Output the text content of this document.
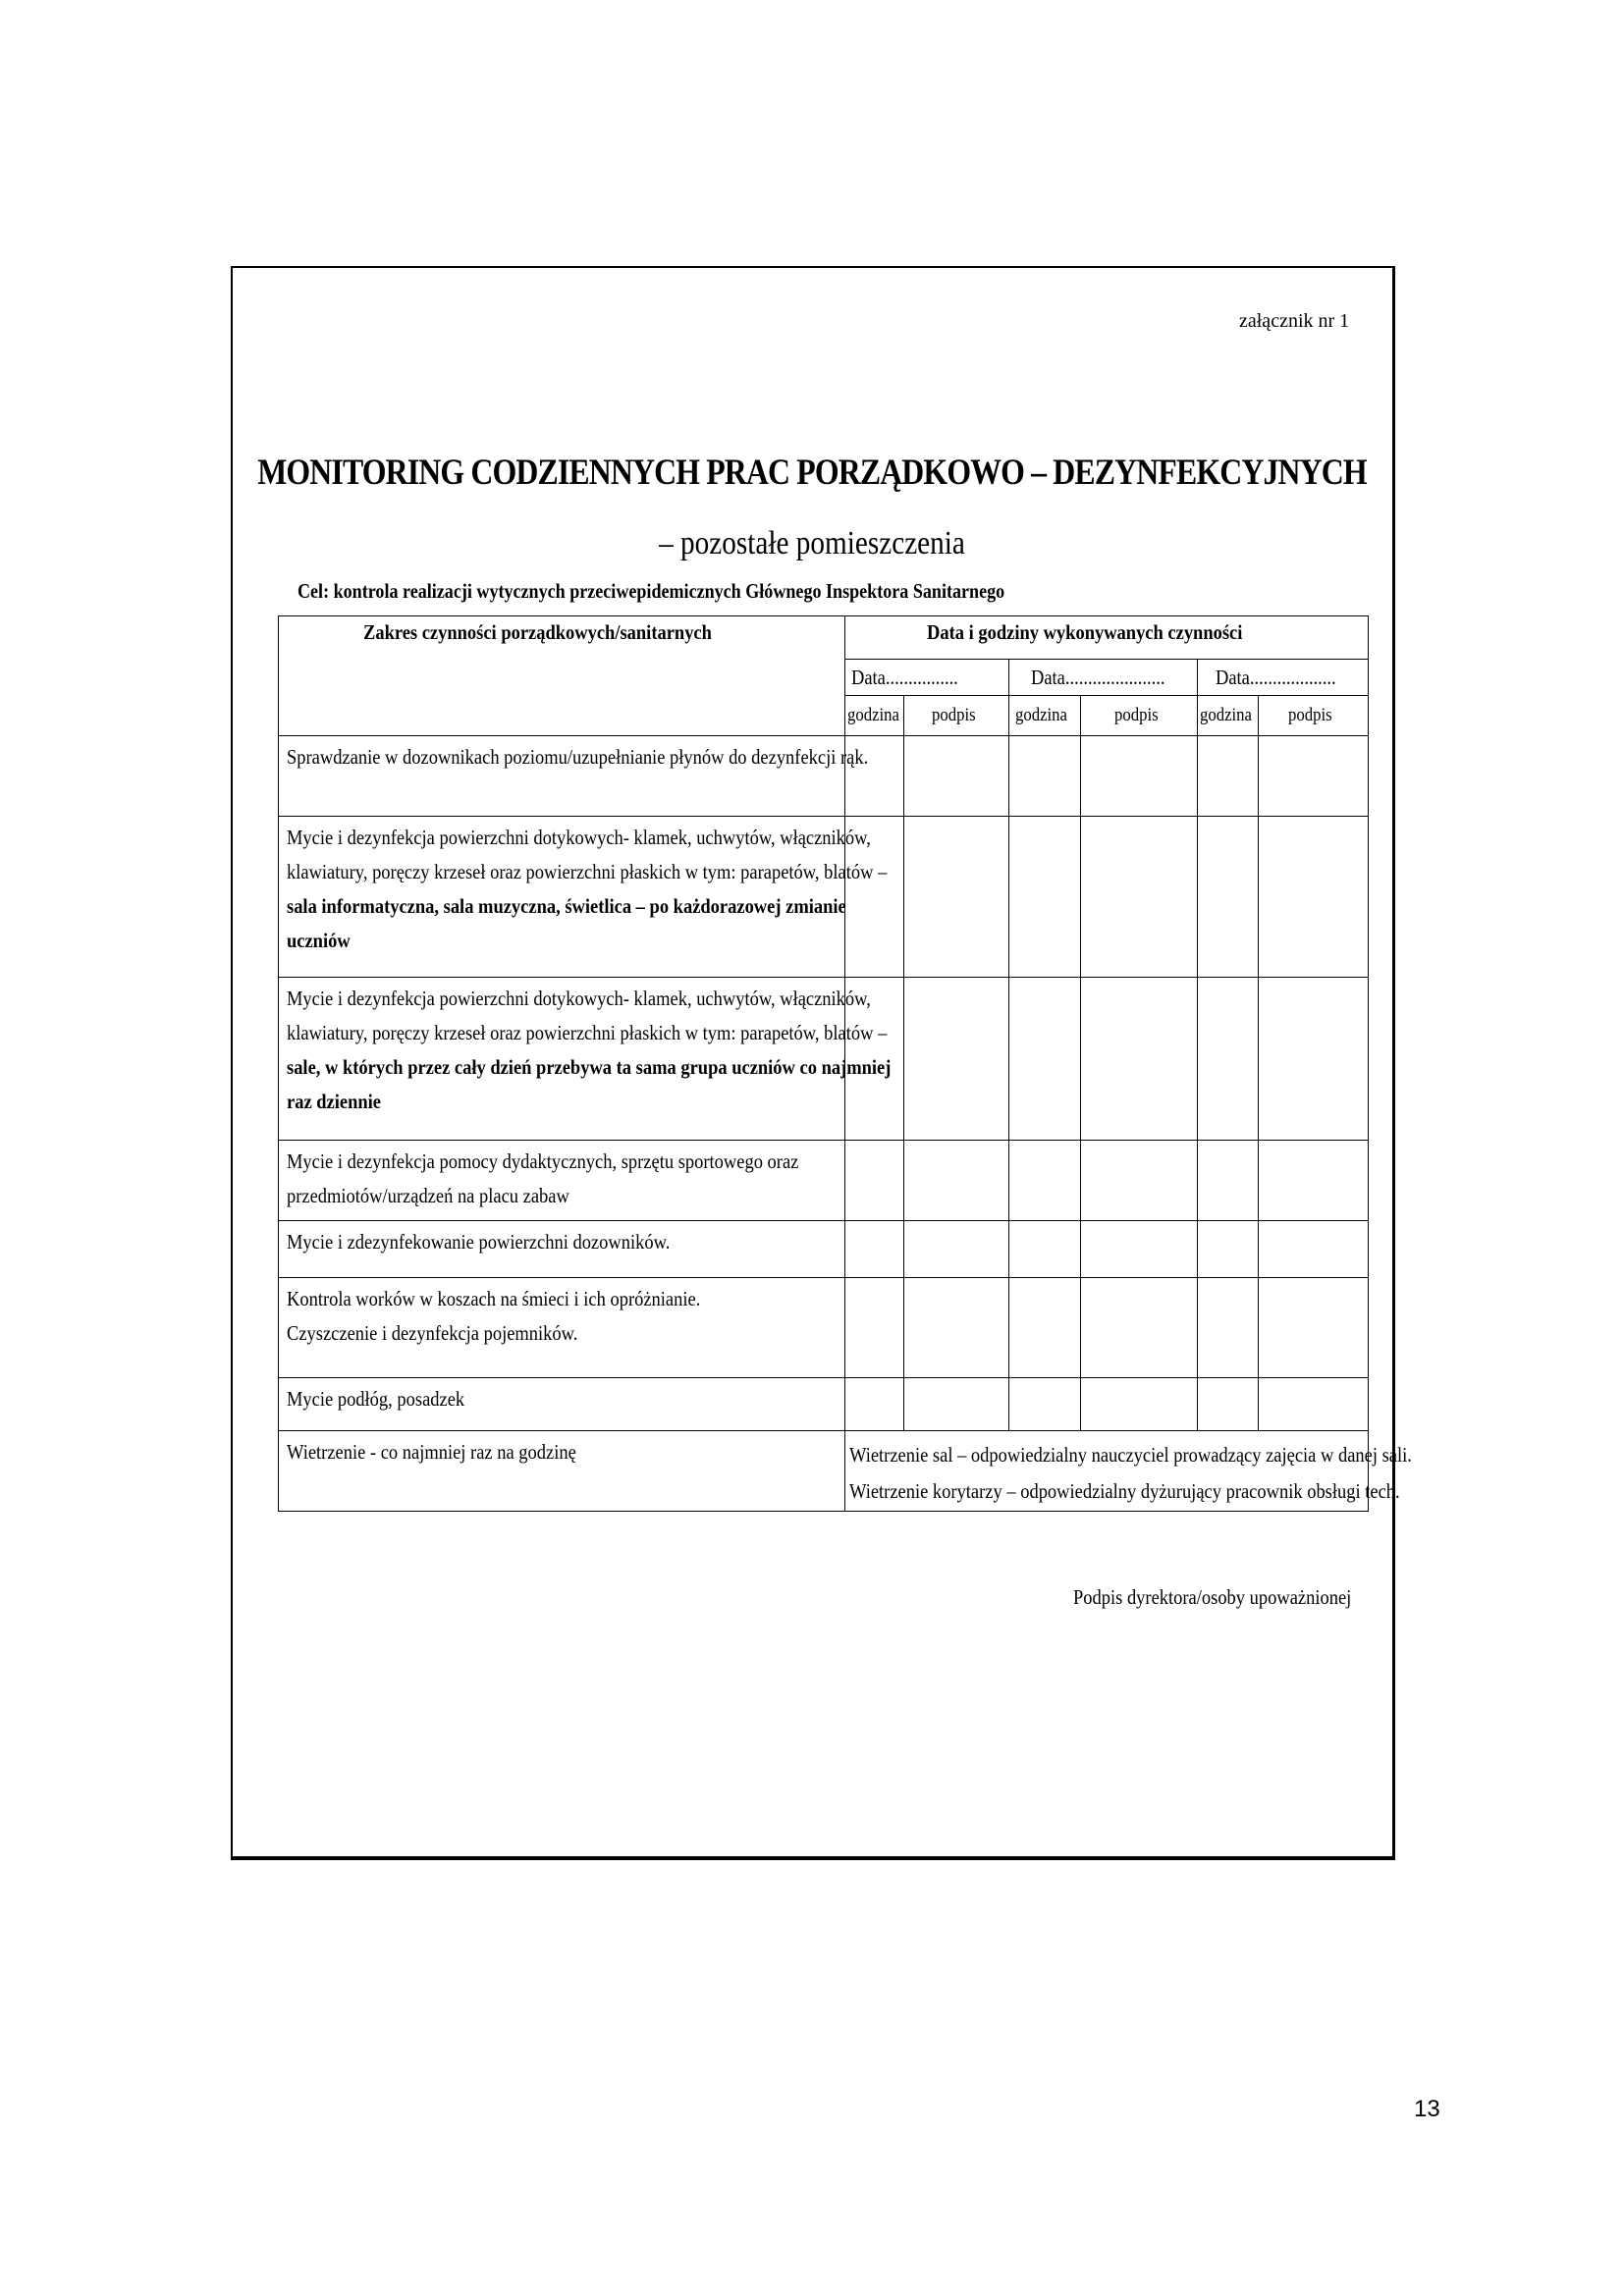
załącznik nr 1
MONITORING CODZIENNYCH PRAC PORZĄDKOWO – DEZYNFEKCYJNYCH
– pozostałe pomieszczenia
Cel: kontrola realizacji wytycznych przeciwepidemicznych Głównego Inspektora Sanitarnego
Zakres czynności porządkowych/sanitarnych	Data i godziny wykonywanych czynności					
	Data................		Data......................		Data...................	
	godzina	podpis	godzina	podpis	godzina	podpis
Sprawdzanie w dozownikach poziomu/uzupełnianie płynów do dezynfekcji rąk.						
Mycie i dezynfekcja powierzchni dotykowych- klamek, uchwytów, włączników,
klawiatury, poręczy krzeseł oraz powierzchni płaskich w tym: parapetów, blatów –
sala informatyczna, sala muzyczna, świetlica – po każdorazowej zmianie
uczniów						
Mycie i dezynfekcja powierzchni dotykowych- klamek, uchwytów, włączników,
klawiatury, poręczy krzeseł oraz powierzchni płaskich w tym: parapetów, blatów –
sale, w których przez cały dzień przebywa ta sama grupa uczniów co najmniej
raz dziennie						
Mycie i dezynfekcja pomocy dydaktycznych, sprzętu sportowego oraz
przedmiotów/urządzeń na placu zabaw						
Mycie i zdezynfekowanie powierzchni dozowników.						
Kontrola worków w koszach na śmieci i ich opróżnianie.
Czyszczenie i dezynfekcja pojemników.						
Mycie podłóg, posadzek						
Wietrzenie - co najmniej raz na godzinę	Wietrzenie sal – odpowiedzialny nauczyciel prowadzący zajęcia w danej sali.
Wietrzenie korytarzy – odpowiedzialny dyżurujący pracownik obsługi tech.					
Podpis dyrektora/osoby upoważnionej
13
